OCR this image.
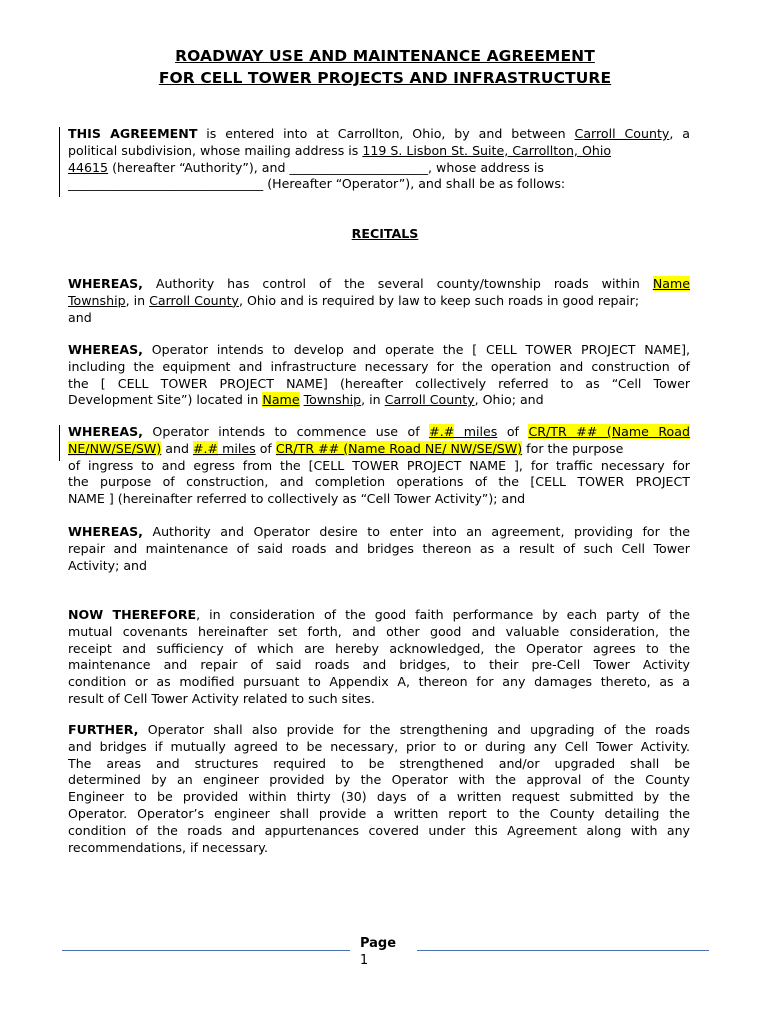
ROADWAY USE AND MAINTENANCE AGREEMENT
FOR CELL TOWER PROJECTS AND INFRASTRUCTURE
THIS AGREEMENT is entered into at Carrollton, Ohio, by and between Carroll County, a
political subdivision, whose mailing address is 119 S. Lisbon St. Suite, Carrollton, Ohio
44615 (hereafter “Authority”), and ______________________, whose address is
_______________________________ (Hereafter “Operator”), and shall be as follows:
RECITALS
WHEREAS, Authority has control of the several county/township roads within Name
Township, in Carroll County, Ohio and is required by law to keep such roads in good repair;
and
WHEREAS, Operator intends to develop and operate the [ CELL TOWER PROJECT NAME],
including the equipment and infrastructure necessary for the operation and construction of
the [ CELL TOWER PROJECT NAME] (hereafter collectively referred to as “Cell Tower
Development Site”) located in Name Township, in Carroll County, Ohio; and
WHEREAS, Operator intends to commence use of #.# miles of CR/TR ## (Name Road
NE/NW/SE/SW) and #.# miles of CR/TR ## (Name Road NE/ NW/SE/SW) for the purpose
of ingress to and egress from the [CELL TOWER PROJECT NAME ], for traffic necessary for
the purpose of construction, and completion operations of the [CELL TOWER PROJECT
NAME ] (hereinafter referred to collectively as “Cell Tower Activity”); and
WHEREAS, Authority and Operator desire to enter into an agreement, providing for the
repair and maintenance of said roads and bridges thereon as a result of such Cell Tower
Activity; and
NOW THEREFORE, in consideration of the good faith performance by each party of the
mutual covenants hereinafter set forth, and other good and valuable consideration, the
receipt and sufficiency of which are hereby acknowledged, the Operator agrees to the
maintenance and repair of said roads and bridges, to their pre-Cell Tower Activity
condition or as modified pursuant to Appendix A, thereon for any damages thereto, as a
result of Cell Tower Activity related to such sites.
FURTHER, Operator shall also provide for the strengthening and upgrading of the roads
and bridges if mutually agreed to be necessary, prior to or during any Cell Tower Activity.
The areas and structures required to be strengthened and/or upgraded shall be
determined by an engineer provided by the Operator with the approval of the County
Engineer to be provided within thirty (30) days of a written request submitted by the
Operator. Operator’s engineer shall provide a written report to the County detailing the
condition of the roads and appurtenances covered under this Agreement along with any
recommendations, if necessary.
Page
1
